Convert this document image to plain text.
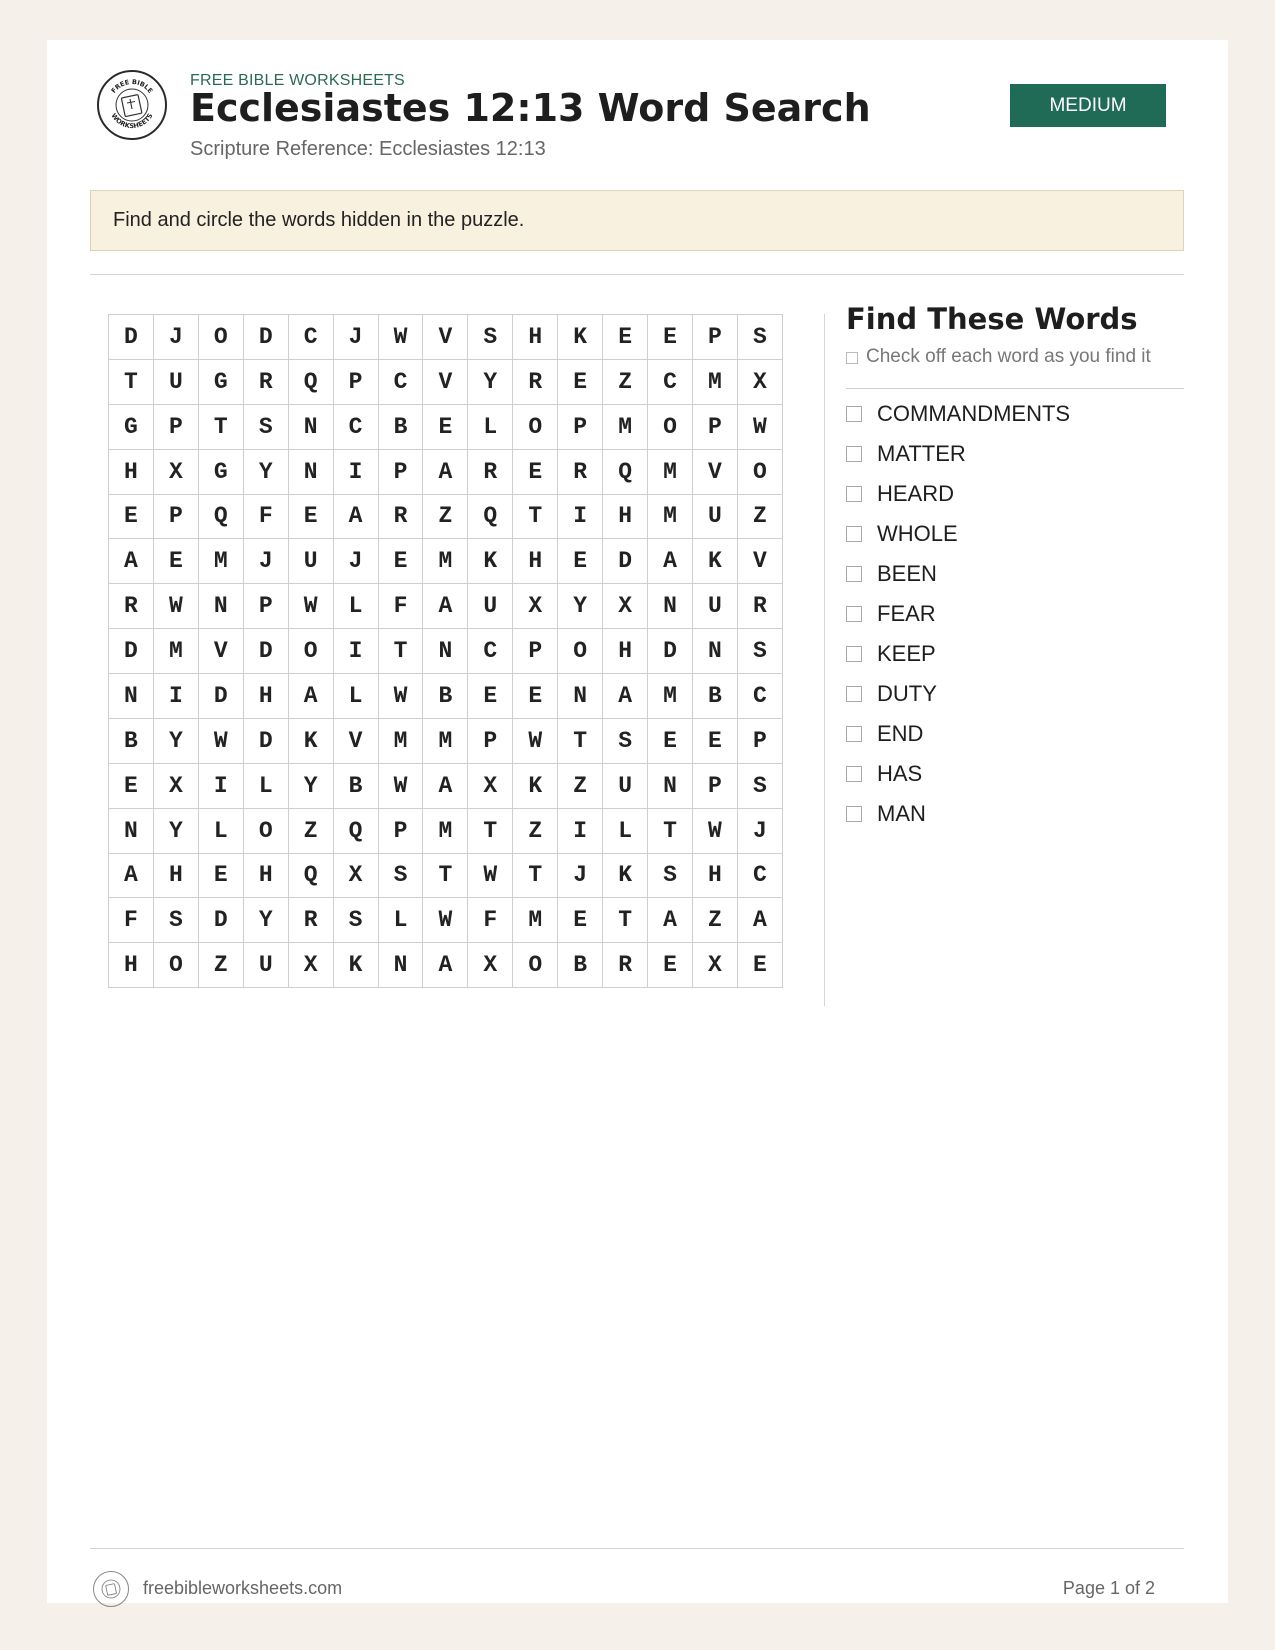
FREE BIBLE
WORKSHEETS
FREE BIBLE WORKSHEETS
Ecclesiastes 12:13 Word Search
Scripture Reference: Ecclesiastes 12:13
MEDIUM
Find and circle the words hidden in the puzzle.
D	J	O	D	C	J	W	V	S	H	K	E	E	P	S
T	U	G	R	Q	P	C	V	Y	R	E	Z	C	M	X
G	P	T	S	N	C	B	E	L	O	P	M	O	P	W
H	X	G	Y	N	I	P	A	R	E	R	Q	M	V	O
E	P	Q	F	E	A	R	Z	Q	T	I	H	M	U	Z
A	E	M	J	U	J	E	M	K	H	E	D	A	K	V
R	W	N	P	W	L	F	A	U	X	Y	X	N	U	R
D	M	V	D	O	I	T	N	C	P	O	H	D	N	S
N	I	D	H	A	L	W	B	E	E	N	A	M	B	C
B	Y	W	D	K	V	M	M	P	W	T	S	E	E	P
E	X	I	L	Y	B	W	A	X	K	Z	U	N	P	S
N	Y	L	O	Z	Q	P	M	T	Z	I	L	T	W	J
A	H	E	H	Q	X	S	T	W	T	J	K	S	H	C
F	S	D	Y	R	S	L	W	F	M	E	T	A	Z	A
H	O	Z	U	X	K	N	A	X	O	B	R	E	X	E
Find These Words
Check off each word as you find it
COMMANDMENTS
MATTER
HEARD
WHOLE
BEEN
FEAR
KEEP
DUTY
END
HAS
MAN
freebibleworksheets.com	Page 1 of 2
